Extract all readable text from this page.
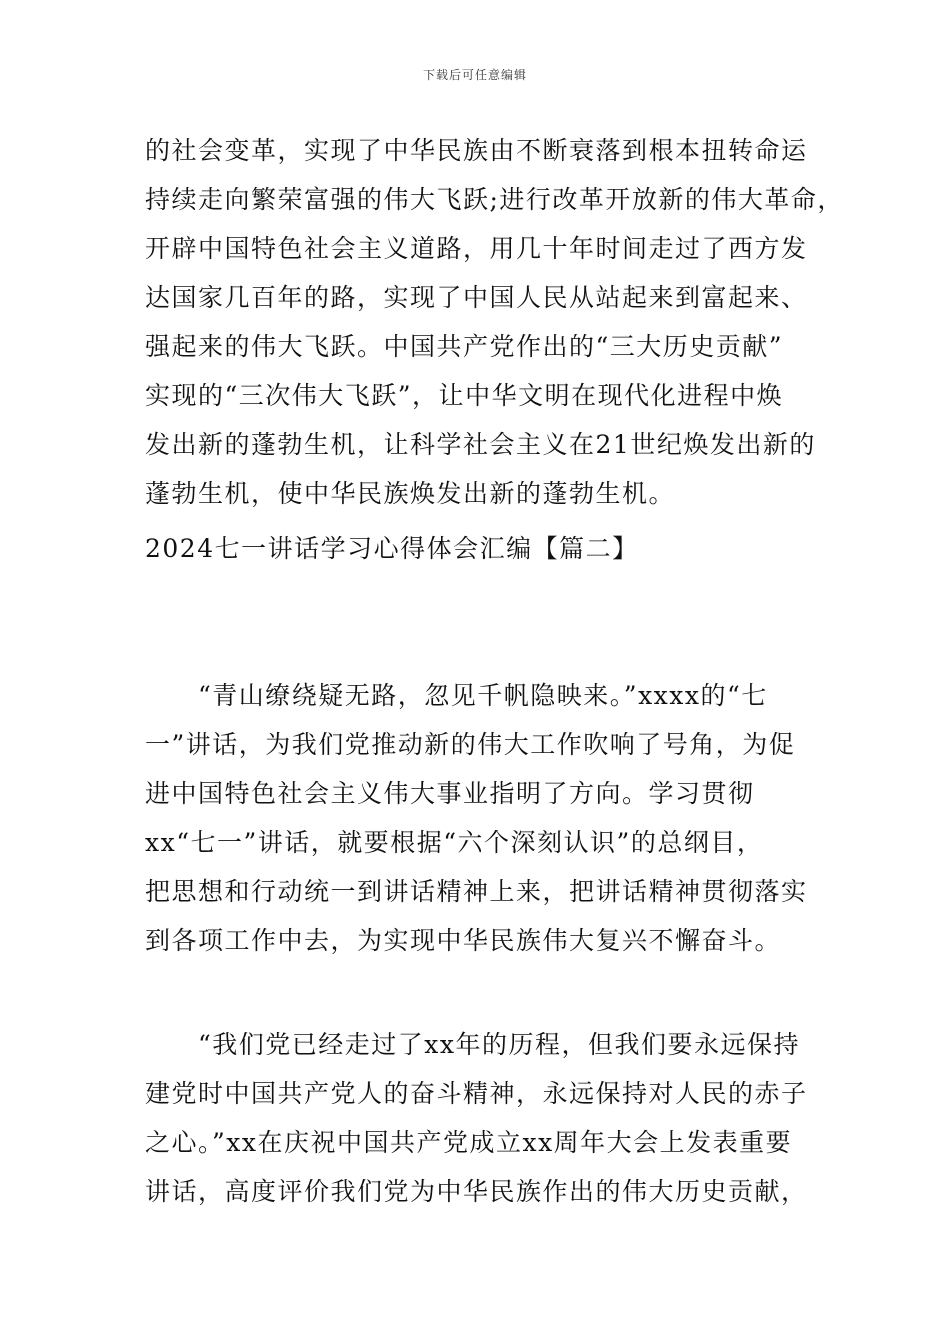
下载后可任意编辑
的社会变革，实现了中华民族由不断衰落到根本扭转命运
持续走向繁荣富强的伟大飞跃;进行改革开放新的伟大革命，
开辟中国特色社会主义道路，用几十年时间走过了西方发
达国家几百年的路，实现了中国人民从站起来到富起来、
强起来的伟大飞跃。中国共产党作出的“三大历史贡献”
实现的“三次伟大飞跃”，让中华文明在现代化进程中焕
发出新的蓬勃生机，让科学社会主义在21世纪焕发出新的
蓬勃生机，使中华民族焕发出新的蓬勃生机。
2024七一讲话学习心得体会汇编【篇二】
“青山缭绕疑无路，忽见千帆隐映来。”xxxx的“七
一”讲话，为我们党推动新的伟大工作吹响了号角，为促
进中国特色社会主义伟大事业指明了方向。学习贯彻
xx“七一”讲话，就要根据“六个深刻认识”的总纲目，
把思想和行动统一到讲话精神上来，把讲话精神贯彻落实
到各项工作中去，为实现中华民族伟大复兴不懈奋斗。
“我们党已经走过了xx年的历程，但我们要永远保持
建党时中国共产党人的奋斗精神，永远保持对人民的赤子
之心。”xx在庆祝中国共产党成立xx周年大会上发表重要
讲话，高度评价我们党为中华民族作出的伟大历史贡献，
